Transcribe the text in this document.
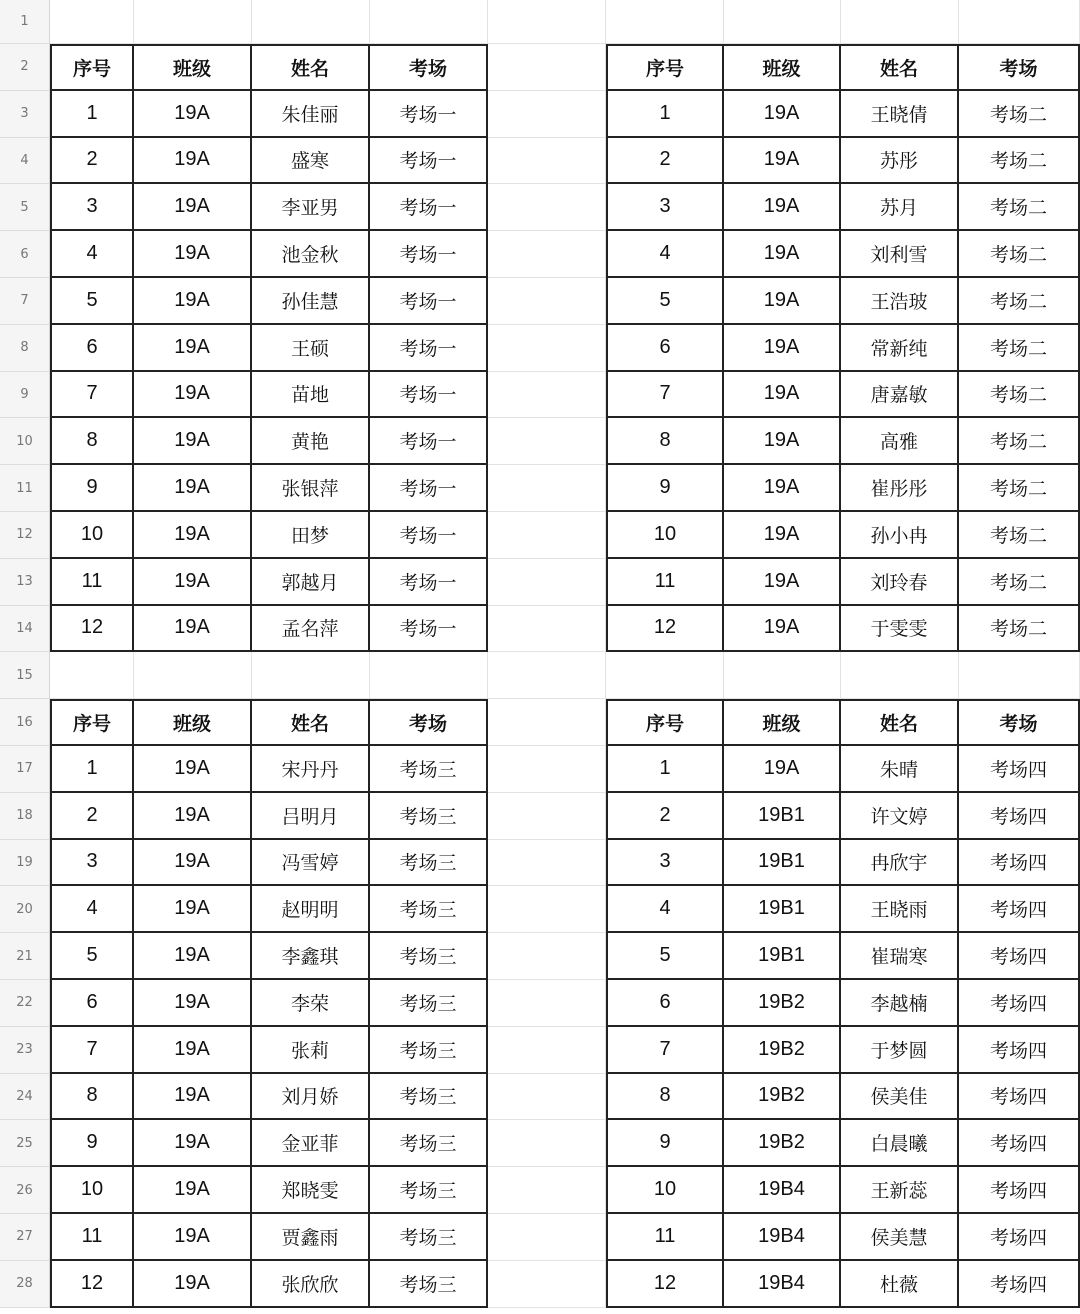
1
2	序号	班级	姓名	考场	序号	班级	姓名	考场
3	1	19A	朱佳丽	考场一	1	19A	王晓倩	考场二
4	2	19A	盛寒	考场一	2	19A	苏彤	考场二
5	3	19A	李亚男	考场一	3	19A	苏月	考场二
6	4	19A	池金秋	考场一	4	19A	刘利雪	考场二
7	5	19A	孙佳慧	考场一	5	19A	王浩玻	考场二
8	6	19A	王硕	考场一	6	19A	常新纯	考场二
9	7	19A	苗地	考场一	7	19A	唐嘉敏	考场二
10	8	19A	黄艳	考场一	8	19A	高雅	考场二
11	9	19A	张银萍	考场一	9	19A	崔彤彤	考场二
12	10	19A	田梦	考场一	10	19A	孙小冉	考场二
13	11	19A	郭越月	考场一	11	19A	刘玲春	考场二
14	12	19A	孟名萍	考场一	12	19A	于雯雯	考场二
15
16	序号	班级	姓名	考场	序号	班级	姓名	考场
17	1	19A	宋丹丹	考场三	1	19A	朱晴	考场四
18	2	19A	吕明月	考场三	2	19B1	许文婷	考场四
19	3	19A	冯雪婷	考场三	3	19B1	冉欣宇	考场四
20	4	19A	赵明明	考场三	4	19B1	王晓雨	考场四
21	5	19A	李鑫琪	考场三	5	19B1	崔瑞寒	考场四
22	6	19A	李荣	考场三	6	19B2	李越楠	考场四
23	7	19A	张莉	考场三	7	19B2	于梦圆	考场四
24	8	19A	刘月娇	考场三	8	19B2	侯美佳	考场四
25	9	19A	金亚菲	考场三	9	19B2	白晨曦	考场四
26	10	19A	郑晓雯	考场三	10	19B4	王新蕊	考场四
27	11	19A	贾鑫雨	考场三	11	19B4	侯美慧	考场四
28	12	19A	张欣欣	考场三	12	19B4	杜薇	考场四
